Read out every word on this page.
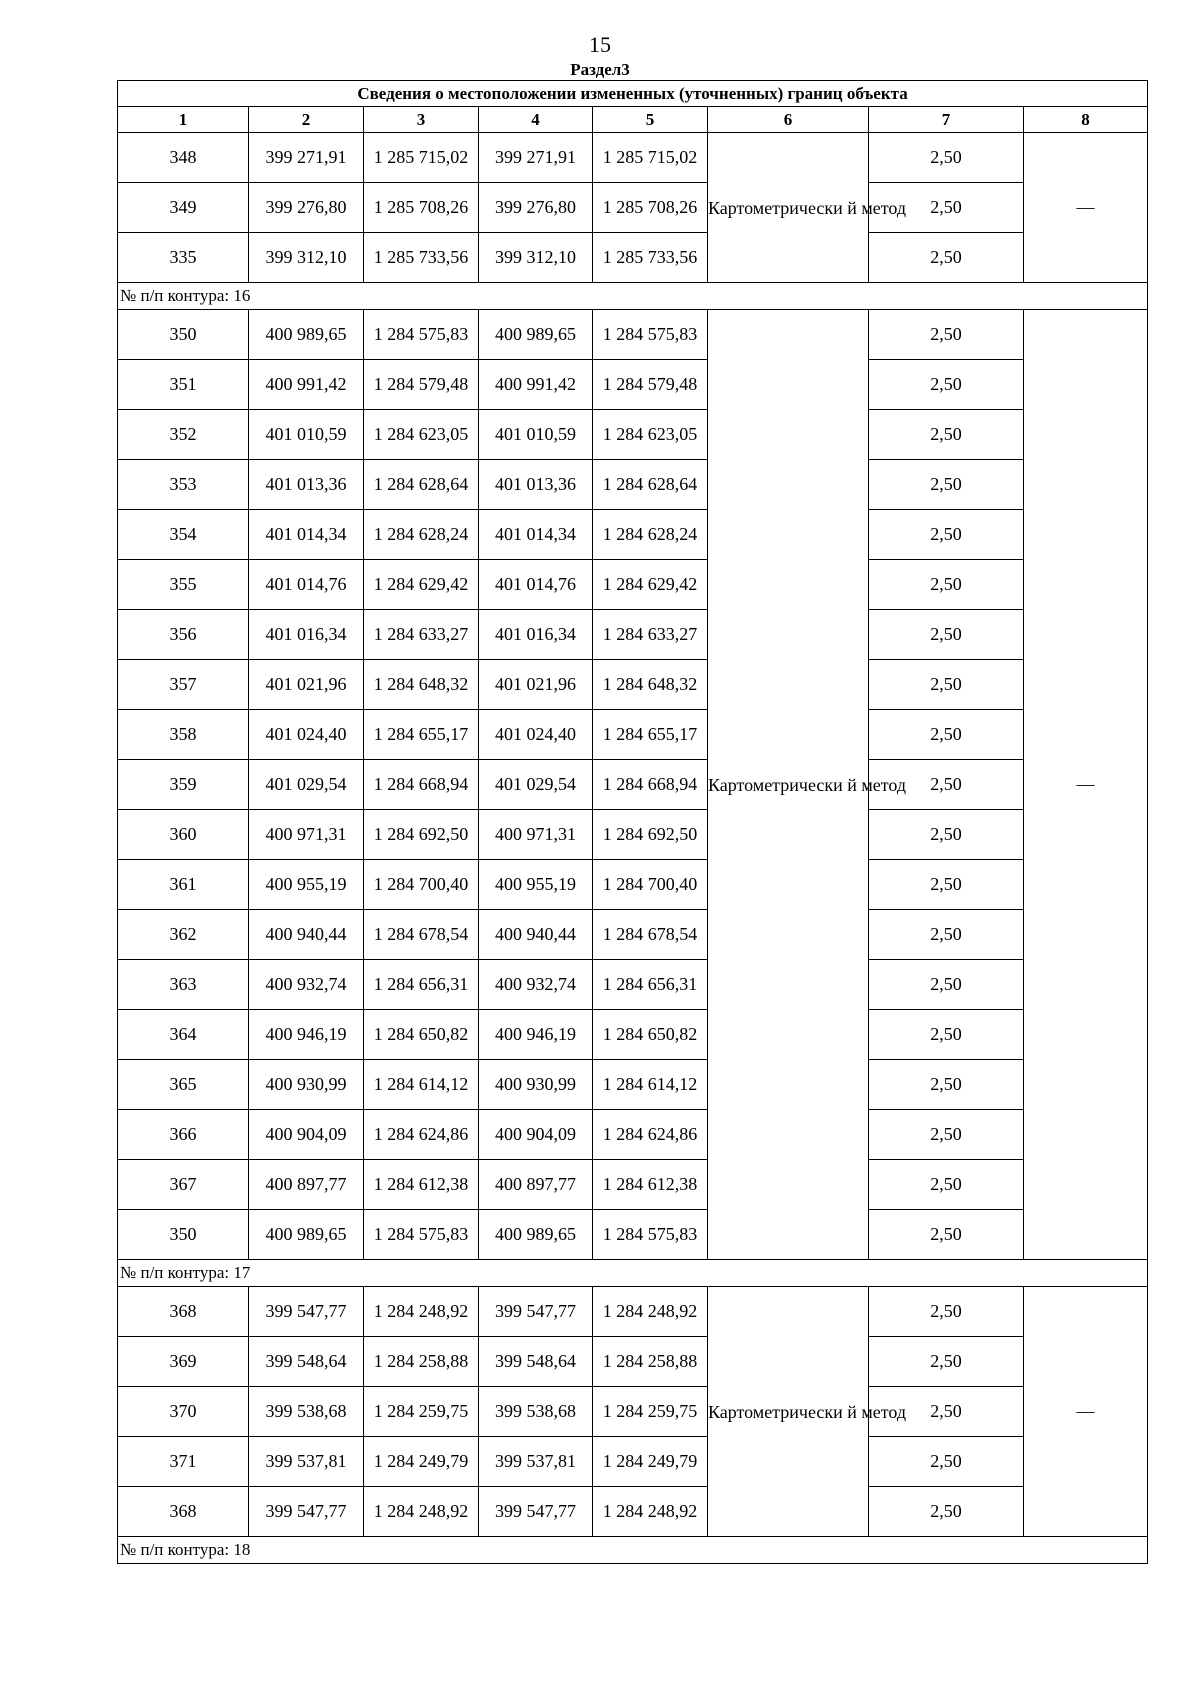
15
Раздел3
Сведения о местоположении измененных (уточненных) границ объекта							
1	2	3	4	5	6	7	8
348	399 271,91	1 285 715,02	399 271,91	1 285 715,02	Картометрически й метод	2,50	—
349	399 276,80	1 285 708,26	399 276,80	1 285 708,26		2,50	
335	399 312,10	1 285 733,56	399 312,10	1 285 733,56		2,50	
№ п/п контура: 16							
350	400 989,65	1 284 575,83	400 989,65	1 284 575,83	Картометрически й метод	2,50	—
351	400 991,42	1 284 579,48	400 991,42	1 284 579,48		2,50	
352	401 010,59	1 284 623,05	401 010,59	1 284 623,05		2,50	
353	401 013,36	1 284 628,64	401 013,36	1 284 628,64		2,50	
354	401 014,34	1 284 628,24	401 014,34	1 284 628,24		2,50	
355	401 014,76	1 284 629,42	401 014,76	1 284 629,42		2,50	
356	401 016,34	1 284 633,27	401 016,34	1 284 633,27		2,50	
357	401 021,96	1 284 648,32	401 021,96	1 284 648,32		2,50	
358	401 024,40	1 284 655,17	401 024,40	1 284 655,17		2,50	
359	401 029,54	1 284 668,94	401 029,54	1 284 668,94		2,50	
360	400 971,31	1 284 692,50	400 971,31	1 284 692,50		2,50	
361	400 955,19	1 284 700,40	400 955,19	1 284 700,40		2,50	
362	400 940,44	1 284 678,54	400 940,44	1 284 678,54		2,50	
363	400 932,74	1 284 656,31	400 932,74	1 284 656,31		2,50	
364	400 946,19	1 284 650,82	400 946,19	1 284 650,82		2,50	
365	400 930,99	1 284 614,12	400 930,99	1 284 614,12		2,50	
366	400 904,09	1 284 624,86	400 904,09	1 284 624,86		2,50	
367	400 897,77	1 284 612,38	400 897,77	1 284 612,38		2,50	
350	400 989,65	1 284 575,83	400 989,65	1 284 575,83		2,50	
№ п/п контура: 17							
368	399 547,77	1 284 248,92	399 547,77	1 284 248,92	Картометрически й метод	2,50	—
369	399 548,64	1 284 258,88	399 548,64	1 284 258,88		2,50	
370	399 538,68	1 284 259,75	399 538,68	1 284 259,75		2,50	
371	399 537,81	1 284 249,79	399 537,81	1 284 249,79		2,50	
368	399 547,77	1 284 248,92	399 547,77	1 284 248,92		2,50	
№ п/п контура: 18							
